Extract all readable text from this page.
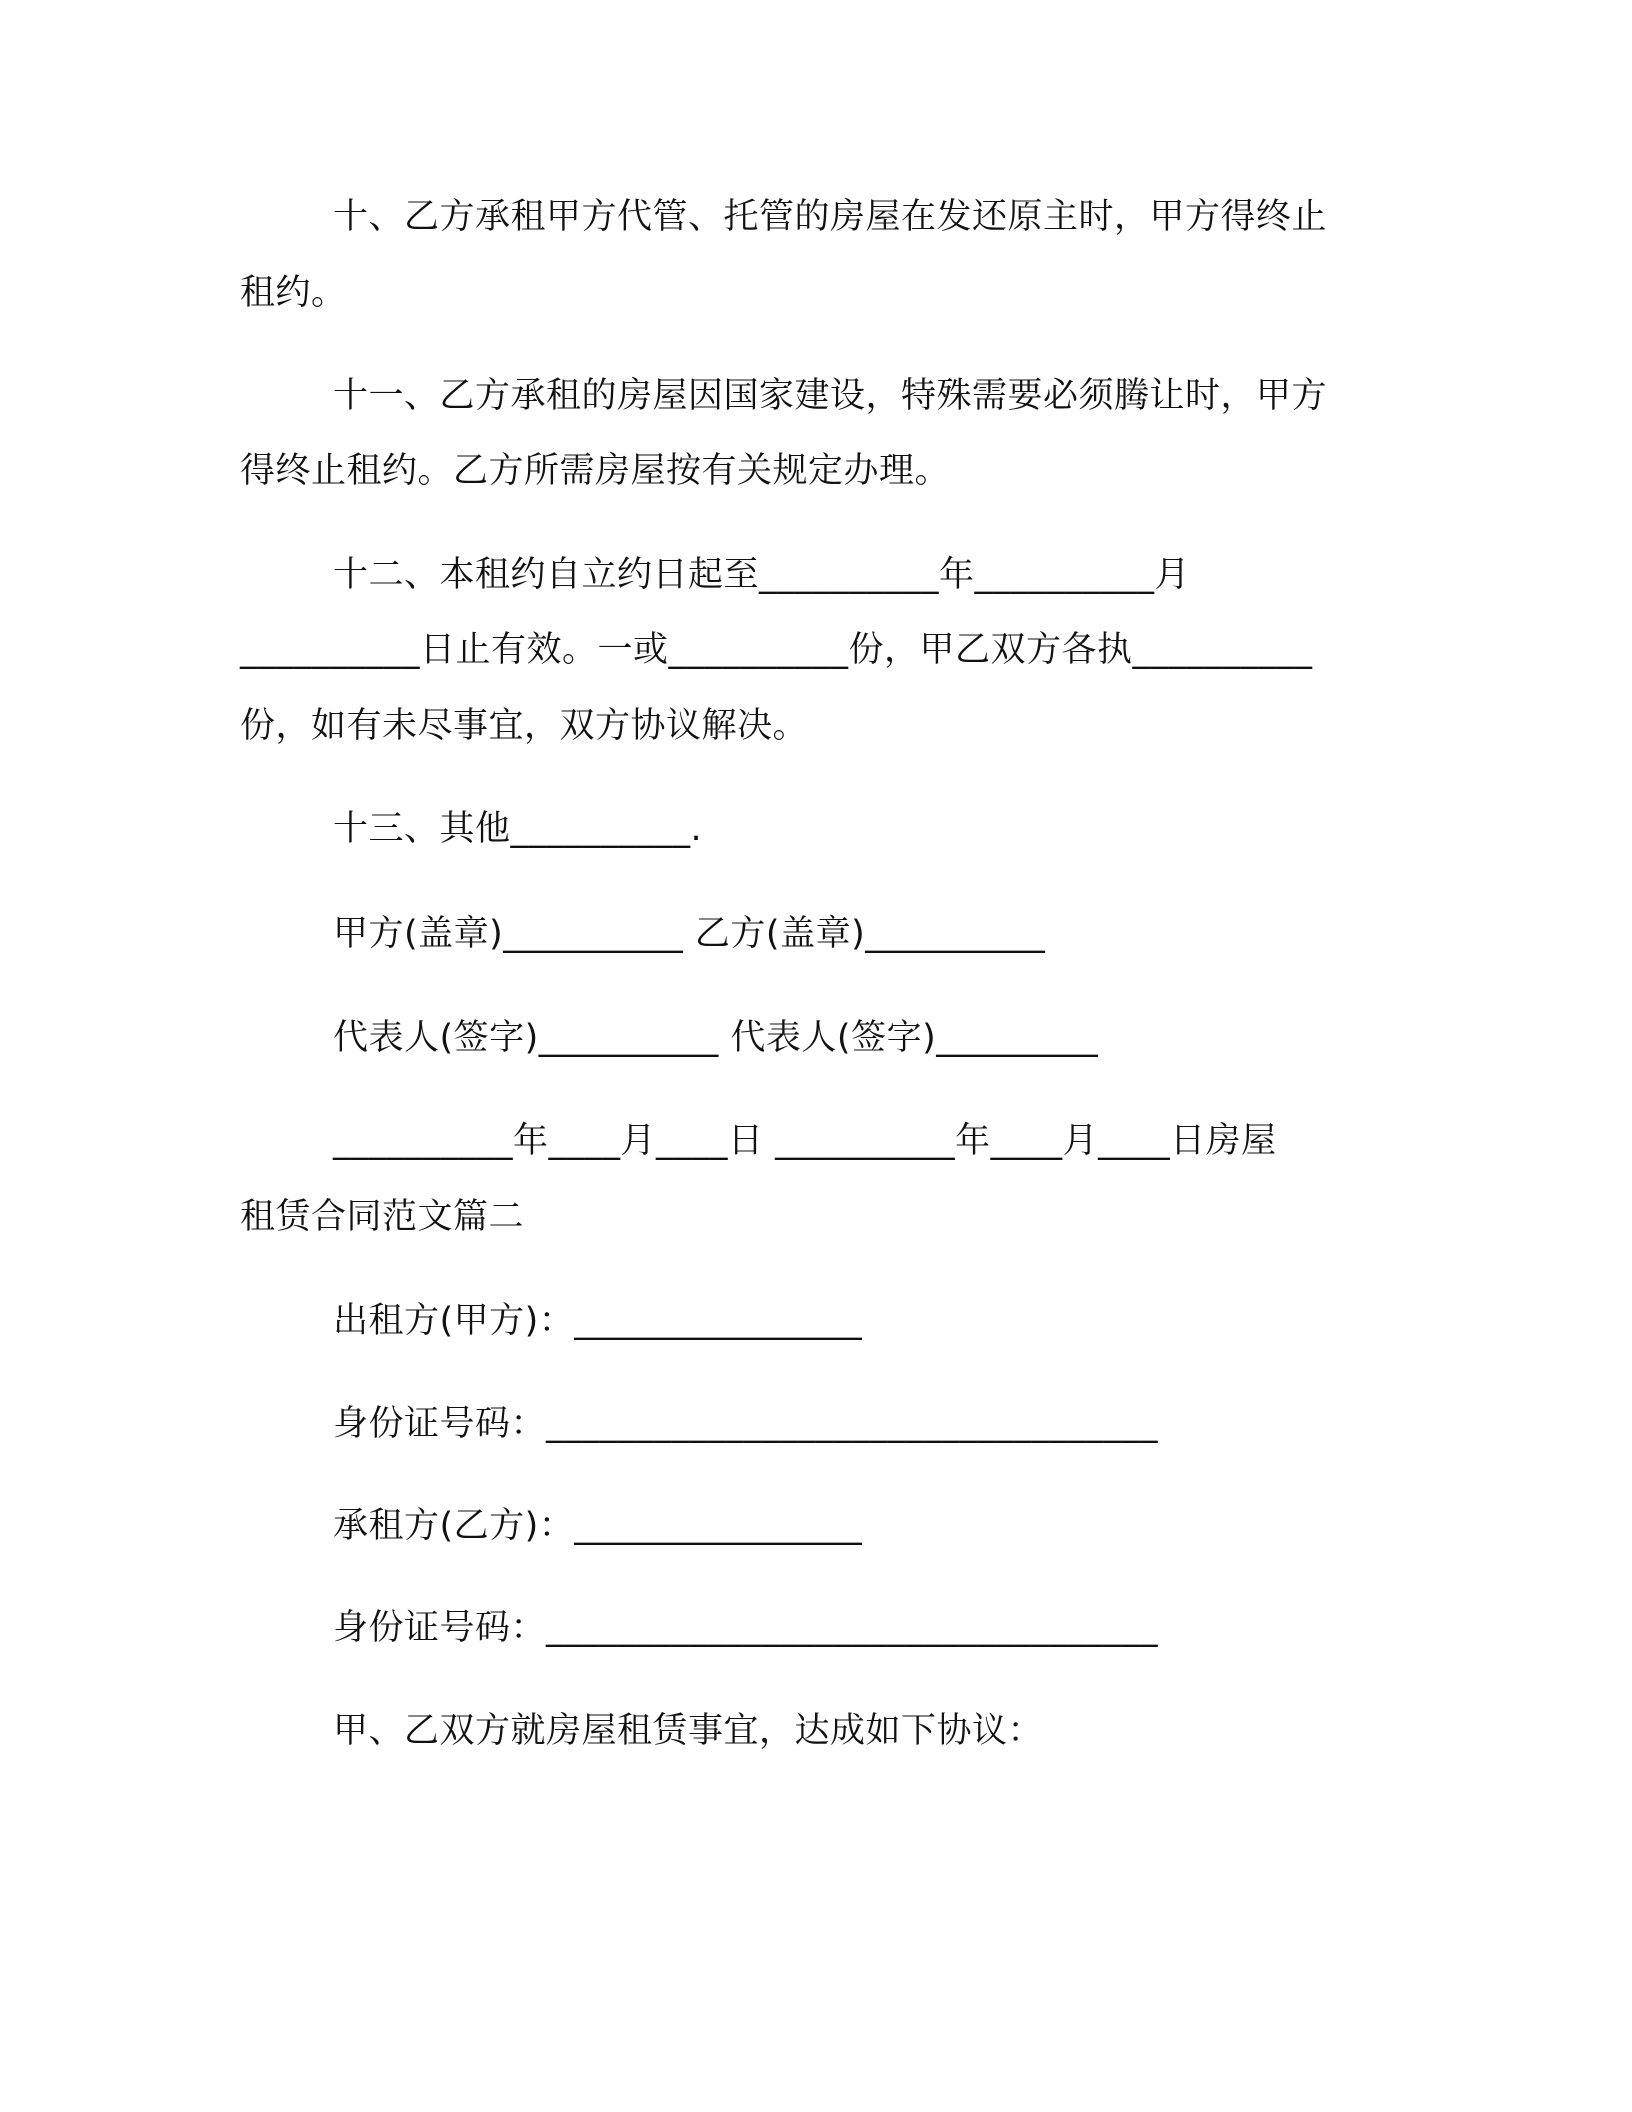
十、乙方承租甲方代管、托管的房屋在发还原主时，甲方得终止
租约。
十一、乙方承租的房屋因国家建设，特殊需要必须腾让时，甲方
得终止租约。乙方所需房屋按有关规定办理。
十二、本租约自立约日起至__________年__________月
__________日止有效。一或__________份，甲乙双方各执__________
份，如有未尽事宜，双方协议解决。
十三、其他__________.
甲方(盖章)__________ 乙方(盖章)__________
代表人(签字)__________ 代表人(签字)_________
__________年____月____日 __________年____月____日房屋
租赁合同范文篇二
出租方(甲方)：________________
身份证号码：__________________________________
承租方(乙方)：________________
身份证号码：__________________________________
甲、乙双方就房屋租赁事宜，达成如下协议：
